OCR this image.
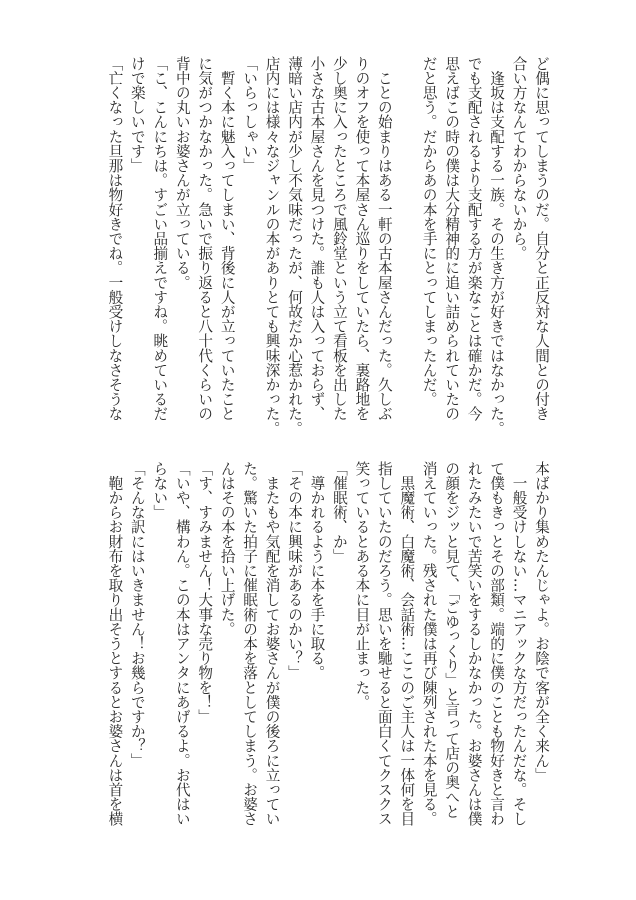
ど偶に思ってしまうのだ。自分と正反対な人間との付き
合い方なんてわからないから。
　逢坂は支配する一族。その生き方が好きではなかった。
でも支配されるより支配する方が楽なことは確かだ。今
思えばこの時の僕は大分精神的に追い詰められていたの
だと思う。だからあの本を手にとってしまったんだ。
　ことの始まりはある一軒の古本屋さんだった。久しぶ
りのオフを使って本屋さん巡りをしていたら、裏路地を
少し奥に入ったところで風鈴堂という立て看板を出した
小さな古本屋さんを見つけた。誰も人は入っておらず、
薄暗い店内が少し不気味だったが、何故だか心惹かれた。
店内には様々なジャンルの本がありとても興味深かった。
「いらっしゃい」
　暫く本に魅入ってしまい、背後に人が立っていたこと
に気がつかなかった。急いで振り返ると八十代くらいの
背中の丸いお婆さんが立っている。
「こ、こんにちは。すごい品揃えですね。眺めているだ
けで楽しいです」
「亡くなった旦那は物好きでね。一般受けしなさそうな
本ばかり集めたんじゃよ。お陰で客が全く来ん」
　一般受けしない…マニアックな方だったんだな。そし
て僕もきっとその部類。端的に僕のことも物好きと言わ
れたみたいで苦笑いをするしかなかった。お婆さんは僕
の顔をジッと見て、「ごゆっくり」と言って店の奥へと
消えていった。残された僕は再び陳列された本を見る。
　黒魔術、白魔術、会話術…ここのご主人は一体何を目
指していたのだろう。思いを馳せると面白くてクスクス
笑っているとある本に目が止まった。
「催眠術、か」
　導かれるように本を手に取る。
「その本に興味があるのかい？」
　またもや気配を消してお婆さんが僕の後ろに立ってい
た。驚いた拍子に催眠術の本を落としてしまう。お婆さ
んはその本を拾い上げた。
「す、すみません！大事な売り物を！」
「いや、構わん。この本はアンタにあげるよ。お代はい
らない」
「そんな訳にはいきません！お幾らですか？」
　鞄からお財布を取り出そうとするとお婆さんは首を横
